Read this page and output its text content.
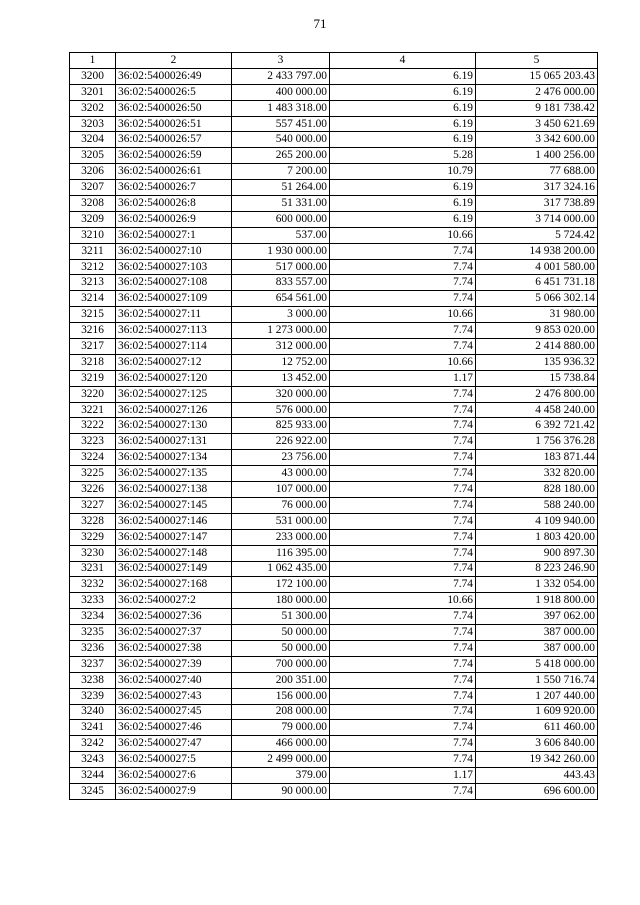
71
1	2	3	4	5
3200	36:02:5400026:49	2 433 797.00	6.19	15 065 203.43
3201	36:02:5400026:5	400 000.00	6.19	2 476 000.00
3202	36:02:5400026:50	1 483 318.00	6.19	9 181 738.42
3203	36:02:5400026:51	557 451.00	6.19	3 450 621.69
3204	36:02:5400026:57	540 000.00	6.19	3 342 600.00
3205	36:02:5400026:59	265 200.00	5.28	1 400 256.00
3206	36:02:5400026:61	7 200.00	10.79	77 688.00
3207	36:02:5400026:7	51 264.00	6.19	317 324.16
3208	36:02:5400026:8	51 331.00	6.19	317 738.89
3209	36:02:5400026:9	600 000.00	6.19	3 714 000.00
3210	36:02:5400027:1	537.00	10.66	5 724.42
3211	36:02:5400027:10	1 930 000.00	7.74	14 938 200.00
3212	36:02:5400027:103	517 000.00	7.74	4 001 580.00
3213	36:02:5400027:108	833 557.00	7.74	6 451 731.18
3214	36:02:5400027:109	654 561.00	7.74	5 066 302.14
3215	36:02:5400027:11	3 000.00	10.66	31 980.00
3216	36:02:5400027:113	1 273 000.00	7.74	9 853 020.00
3217	36:02:5400027:114	312 000.00	7.74	2 414 880.00
3218	36:02:5400027:12	12 752.00	10.66	135 936.32
3219	36:02:5400027:120	13 452.00	1.17	15 738.84
3220	36:02:5400027:125	320 000.00	7.74	2 476 800.00
3221	36:02:5400027:126	576 000.00	7.74	4 458 240.00
3222	36:02:5400027:130	825 933.00	7.74	6 392 721.42
3223	36:02:5400027:131	226 922.00	7.74	1 756 376.28
3224	36:02:5400027:134	23 756.00	7.74	183 871.44
3225	36:02:5400027:135	43 000.00	7.74	332 820.00
3226	36:02:5400027:138	107 000.00	7.74	828 180.00
3227	36:02:5400027:145	76 000.00	7.74	588 240.00
3228	36:02:5400027:146	531 000.00	7.74	4 109 940.00
3229	36:02:5400027:147	233 000.00	7.74	1 803 420.00
3230	36:02:5400027:148	116 395.00	7.74	900 897.30
3231	36:02:5400027:149	1 062 435.00	7.74	8 223 246.90
3232	36:02:5400027:168	172 100.00	7.74	1 332 054.00
3233	36:02:5400027:2	180 000.00	10.66	1 918 800.00
3234	36:02:5400027:36	51 300.00	7.74	397 062.00
3235	36:02:5400027:37	50 000.00	7.74	387 000.00
3236	36:02:5400027:38	50 000.00	7.74	387 000.00
3237	36:02:5400027:39	700 000.00	7.74	5 418 000.00
3238	36:02:5400027:40	200 351.00	7.74	1 550 716.74
3239	36:02:5400027:43	156 000.00	7.74	1 207 440.00
3240	36:02:5400027:45	208 000.00	7.74	1 609 920.00
3241	36:02:5400027:46	79 000.00	7.74	611 460.00
3242	36:02:5400027:47	466 000.00	7.74	3 606 840.00
3243	36:02:5400027:5	2 499 000.00	7.74	19 342 260.00
3244	36:02:5400027:6	379.00	1.17	443.43
3245	36:02:5400027:9	90 000.00	7.74	696 600.00
